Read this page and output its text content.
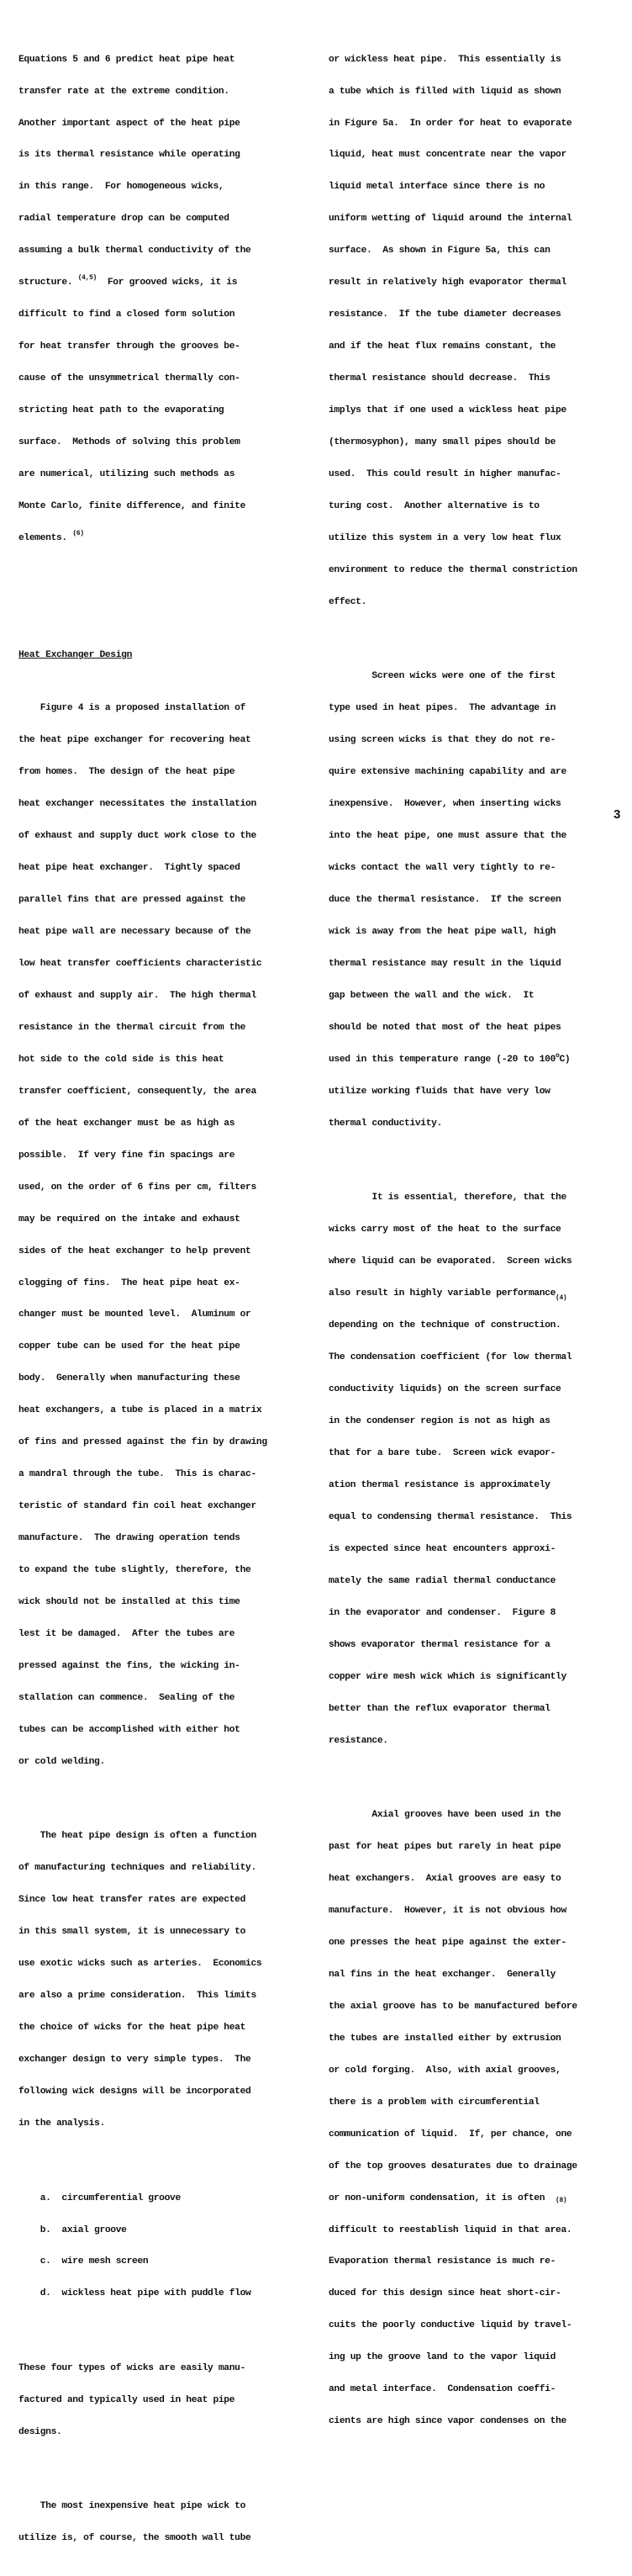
Equations 5 and 6 predict heat pipe heat

transfer rate at the extreme condition.

Another important aspect of the heat pipe

is its thermal resistance while operating

in this range.  For homogeneous wicks,

radial temperature drop can be computed

assuming a bulk thermal conductivity of the

structure. $^{(4,5)}$ For grooved wicks, it is

difficult to find a closed form solution

for heat transfer through the grooves be-

cause of the unsymmetrical thermally con-

stricting heat path to the evaporating

surface.  Methods of solving this problem

are numerical, utilizing such methods as

Monte Carlo, finite difference, and finite

elements. $^{(6)}$

Heat Exchanger Design

Figure 4 is a proposed installation of

the heat pipe exchanger for recovering heat

from homes.  The design of the heat pipe

heat exchanger necessitates the installation

of exhaust and supply duct work close to the

heat pipe heat exchanger.  Tightly spaced

parallel fins that are pressed against the

heat pipe wall are necessary because of the

low heat transfer coefficients characteristic

of exhaust and supply air.  The high thermal

resistance in the thermal circuit from the

hot side to the cold side is this heat

transfer coefficient, consequently, the area

of the heat exchanger must be as high as

possible.  If very fine fin spacings are

used, on the order of 6 fins per cm, filters

may be required on the intake and exhaust

sides of the heat exchanger to help prevent

clogging of fins.  The heat pipe heat ex-

changer must be mounted level.  Aluminum or

copper tube can be used for the heat pipe

body.  Generally when manufacturing these

heat exchangers, a tube is placed in a matrix

of fins and pressed against the fin by drawing

a mandral through the tube.  This is charac-

teristic of standard fin coil heat exchanger

manufacture.  The drawing operation tends

to expand the tube slightly, therefore, the

wick should not be installed at this time

lest it be damaged.  After the tubes are

pressed against the fins, the wicking in-

stallation can commence.  Sealing of the

tubes can be accomplished with either hot

or cold welding.

The heat pipe design is often a function

of manufacturing techniques and reliability.

Since low heat transfer rates are expected

in this small system, it is unnecessary to

use exotic wicks such as arteries.  Economics

are also a prime consideration.  This limits

the choice of wicks for the heat pipe heat

exchanger design to very simple types.  The

following wick designs will be incorporated

in the analysis.

a.  circumferential groove

b.  axial groove

c.  wire mesh screen

d.  wickless heat pipe with puddle flow

These four types of wicks are easily manu-

factured and typically used in heat pipe

designs.

The most inexpensive heat pipe wick to

utilize is, of course, the smooth wall tube

or wickless heat pipe.  This essentially is

a tube which is filled with liquid as shown

in Figure 5a.  In order for heat to evaporate

liquid, heat must concentrate near the vapor

liquid metal interface since there is no

uniform wetting of liquid around the internal

surface.  As shown in Figure 5a, this can

result in relatively high evaporator thermal

resistance.  If the tube diameter decreases

and if the heat flux remains constant, the

thermal resistance should decrease.  This

implys that if one used a wickless heat pipe

(thermosyphon), many small pipes should be

used.  This could result in higher manufac-

turing cost.  Another alternative is to

utilize this system in a very low heat flux

environment to reduce the thermal constriction

effect.

Screen wicks were one of the first

type used in heat pipes.  The advantage in

using screen wicks is that they do not re-

quire extensive machining capability and are

inexpensive.  However, when inserting wicks

into the heat pipe, one must assure that the

wicks contact the wall very tightly to re-

duce the thermal resistance.  If the screen

wick is away from the heat pipe wall, high

thermal resistance may result in the liquid

gap between the wall and the wick.  It

should be noted that most of the heat pipes

used in this temperature range (-20 to 100$^o$C)

utilize working fluids that have very low

thermal conductivity.

It is essential, therefore, that the

wicks carry most of the heat to the surface

where liquid can be evaporated.  Screen wicks

also result in highly variable performance$_{(4)}$

depending on the technique of construction.

The condensation coefficient (for low thermal

conductivity liquids) on the screen surface

in the condenser region is not as high as

that for a bare tube.  Screen wick evapor-

ation thermal resistance is approximately

equal to condensing thermal resistance.  This

is expected since heat encounters approxi-

mately the same radial thermal conductance

in the evaporator and condenser.  Figure 8

shows evaporator thermal resistance for a

copper wire mesh wick which is significantly

better than the reflux evaporator thermal

resistance.

Axial grooves have been used in the

past for heat pipes but rarely in heat pipe

heat exchangers.  Axial grooves are easy to

manufacture.  However, it is not obvious how

one presses the heat pipe against the exter-

nal fins in the heat exchanger.  Generally

the axial groove has to be manufactured before

the tubes are installed either by extrusion

or cold forging.  Also, with axial grooves,

there is a problem with circumferential

communication of liquid.  If, per chance, one

of the top grooves desaturates due to drainage

or non-uniform condensation, it is often (8)

difficult to reestablish liquid in that area.

Evaporation thermal resistance is much re-

duced for this design since heat short-cir-

cuits the poorly conductive liquid by travel-

ing up the groove land to the vapor liquid

and metal interface.  Condensation coeffi-

cients are high since vapor condenses on the

3
